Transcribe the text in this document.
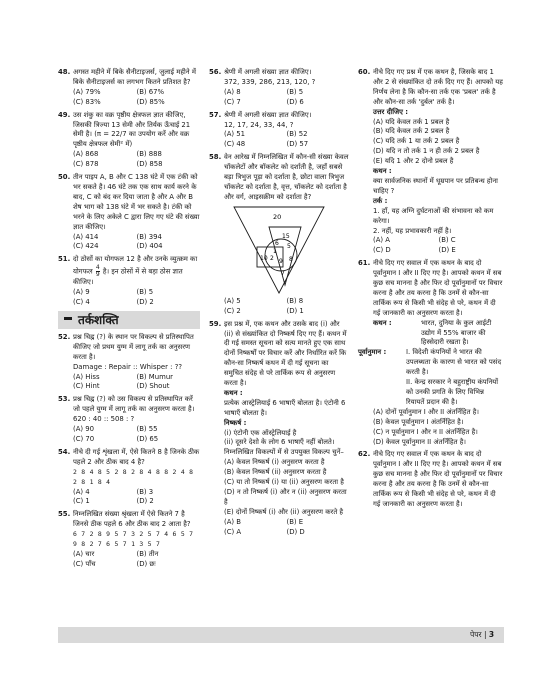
48. अगस्त महीने में बिके सैनीटाइजर्स, जुलाई महीने में बिके सैनीटाइजर्स का लगभग कितने प्रतिशत है?
(A) 79%	(B) 67%
(C) 83%	(D) 85%
49. उस शंकु का वक्र पृष्ठीय क्षेत्रफल ज्ञात कीजिए, जिसकी त्रिज्या 13 सेमी और तिर्यक ऊँचाई 21 सेमी है। (π = 22/7 का उपयोग करें और वक्र पृष्ठीय क्षेत्रफल सेमी² में)
(A) 868	(B) 888
(C) 878	(D) 858
50. तीन पाइप A, B और C 138 घंटे में एक टंकी को भर सकते है। 46 घंटे तक एक साथ कार्य करने के बाद, C को बंद कर दिया जाता है और A और B शेष भाग को 138 घंटे में भर सकते है। टंकी को भरने के लिए अकेले C द्वारा लिए गए घंटे की संख्या ज्ञात कीजिए।
(A) 414	(B) 394
(C) 424	(D) 404
51. दो ठोसों का योगफल 12 है और उनके व्युत्क्रम का योगफल $\frac{4}{9}$ है। इन ठोसों में से बड़ा ठोस ज्ञात कीजिए।
(A) 9	(B) 5
(C) 4	(D) 2
तर्कशक्ति
52. प्रश्न चिह्न (?) के स्थान पर विकल्प से प्रतिस्थापित कीजिए जो प्रथम युग्म में लागू तर्क का अनुसरण करता है।
Damage : Repair :: Whisper : ??
(A) Hiss	(B) Mumur
(C) Hint	(D) Shout
53. प्रश्न चिह्न (?) को उस विकल्प से प्रतिस्थापित करें जो पहले युग्म में लागू तर्क का अनुसरण करता है।
620 : 40 :: 508 : ?
(A) 90	(B) 55
(C) 70	(D) 65
54. नीचे दी गई शृंखला में, ऐसे कितने 8 है जिनके ठीक पहले 2 और ठीक बाद 4 है?
2 8 4 8 5 2 8 2 8 4 8 8 2 4 8 2 8 1 8 4
(A) 4	(B) 3
(C) 1	(D) 2
55. निम्नलिखित संख्या श्रृंखला में ऐसे कितने 7 है जिनसे ठीक पहले 6 और ठीक बाद 2 आता है?
6 7 2 8 9 5 7 3 2 5 7 4 6 5 7 9 8 2 7 6 5 7 1 3 5 7
(A) चार	(B) तीन
(C) पाँच	(D) छः
56. श्रेणी में अगली संख्या ज्ञात कीजिए।
372, 339, 286, 213, 120, ?
(A) 8	(B) 5
(C) 7	(D) 6
57. श्रेणी में अगली संख्या ज्ञात कीजिए।
12, 17, 24, 33, 44, ?
(A) 51	(B) 52
(C) 48	(D) 57
58. वेन आरेख में निम्नलिखित में कौन-सी संख्या केवल चॉकलेटों और बॉकलेट को दर्शाती है, जहाँ सबसे बड़ा त्रिभुज पूड़ा को दर्शाता है, छोटा वाला त्रिभुज चॉकलेट को दर्शाता है, वृत्त, चॉकलेट को दर्शाता है और वर्ग, आइसक्रीम को दर्शाता है?
20
15
6 5
10 2 9 8
7
1
(A) 5	(B) 8
(C) 2	(D) 1
59. इस प्रश्न में, एक कथन और उसके बाद (i) और (ii) से संख्यांकित दो निष्कर्ष दिए गए हैं। कथन में दी गई समस्त सूचना को सत्य मानते हुए एक साथ दोनों निष्कर्षों पर विचार करें और निर्धारित करें कि कौन-सा निष्कर्ष कथन में दी गई सूचना का समुचित संदेह से परे तार्किक रूप से अनुसरण करता है।
कथन :
प्रत्येक आस्ट्रेलियाई 6 भाषाएँ बोलता है। एंटोनी 6 भाषाएँ बोलता है।
निष्कर्ष :
(i) एंटोनी एक ऑस्ट्रेलियाई है
(ii) दूसरे देशो के लोग 6 भाषाएँ नहीं बोलते।
निम्नलिखित विकल्पों में से उपयुक्त विकल्प चुनें–
(A) केवल निष्कर्ष (i) अनुसरण करता है
(B) केवल निष्कर्ष (ii) अनुसरण करता है
(C) या तो निष्कर्ष (i) या (ii) अनुसरण करता है
(D) न तो निष्कर्ष (i) और न (ii) अनुसरण करता है
(E) दोनों निष्कर्ष (i) और (ii) अनुसरण करते है
(A) B	(B) E
(C) A	(D) D
60. नीचे दिए गए प्रश्न में एक कथन है, जिसके बाद 1 और 2 से संख्यांकित दो तर्क दिए गए हैं। आपको यह निर्णय लेना है कि कौन-सा तर्क एक 'प्रबल' तर्क है और कौन-सा तर्क 'दुर्बल' तर्क है।
उत्तर दीजिए :
(A) यदि केवल तर्क 1 प्रबल है
(B) यदि केवल तर्क 2 प्रबल है
(C) यदि तर्क 1 या तर्क 2 प्रबल है
(D) यदि न तो तर्क 1 न ही तर्क 2 प्रबल है
(E) यदि 1 और 2 दोनो प्रबल है
कथन :
क्या सार्वजनिक स्थानों में धूम्रपान पर प्रतिबन्ध होना चाहिए ?
तर्क :
1. हाँ, यह अग्नि दुर्घटनाओं की संभावना को कम करेगा।
2. नहीं, यह प्रभावकारी नहीं है।
(A) A	(B) C
(C) D	(D) E
61. नीचे दिए गए सवाल में एक कथन के बाद दो पूर्वानुमान I और II दिए गए है। आपको कथन में सब कुछ सच मानना है और फिर दो पूर्वानुमानों पर विचार करना है और तय करना है कि उनमें से कौन-सा तार्किक रूप से किसी भी संदेह से परे, कथन में दी गई जानकारी का अनुसरण करता है।
कथन :	भारत, दुनिया के कुल आईटी उद्योग में 55% बाजार की हिस्सेदारी रखता है।
पूर्वानुमान :	I. विदेशी कंपनियों ने भारत की उपलब्धता के कारण से भारत को पसंद करती है।
II. केन्द्र सरकार ने बहुराष्ट्रीय कंपनियों को उनकी प्रगति के लिए विभिन्न रियायतें प्रदान की है।
(A) दोनों पूर्वानुमान I और II अंतर्निहित है।
(B) केवल पूर्वानुमान I अंतर्निहित है।
(C) न पूर्वानुमान I और न II अंतर्निहित है।
(D) केवल पूर्वानुमान II अंतर्निहित है।
62. नीचे दिए गए सवाल में एक कथन के बाद दो पूर्वानुमान I और II दिए गए है। आपको कथन में सब कुछ सच मानना है और फिर दो पूर्वानुमानों पर विचार करना है और तय करना है कि उनमें से कौन-सा तार्किक रूप से किसी भी संदेह से परे, कथन में दी गई जानकारी का अनुसरण करता है।
पेपर | 3
